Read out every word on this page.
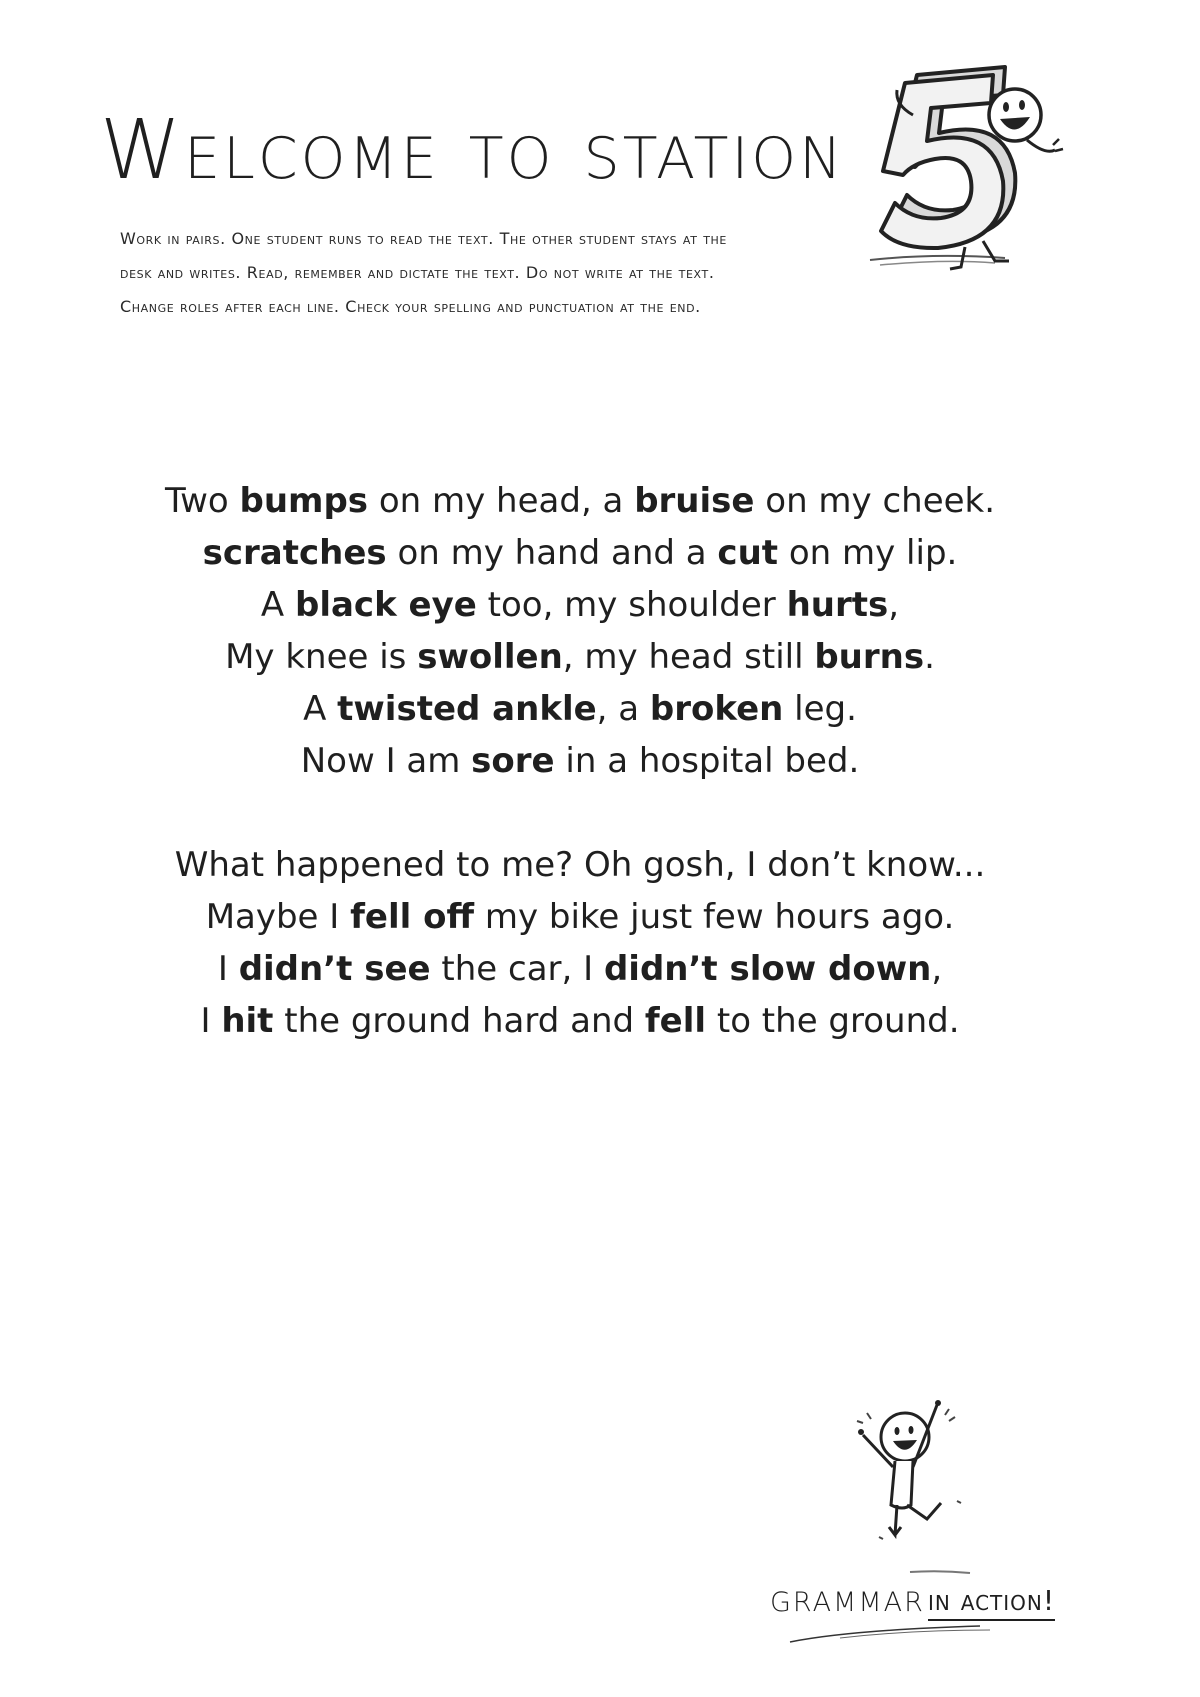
Welcome to station
Work in pairs. One student runs to read the text. The other student stays at the
desk and writes. Read, remember and dictate the text. Do not write at the text.
Change roles after each line. Check your spelling and punctuation at the end.
5
Two bumps on my head, a bruise on my cheek.
scratches on my hand and a cut on my lip.
A black eye too, my shoulder hurts,
My knee is swollen, my head still burns.
A twisted ankle, a broken leg.
Now I am sore in a hospital bed.
What happened to me? Oh gosh, I don’t know...
Maybe I fell off my bike just few hours ago.
I didn’t see the car, I didn’t slow down,
I hit the ground hard and fell to the ground.
grammar in action!
